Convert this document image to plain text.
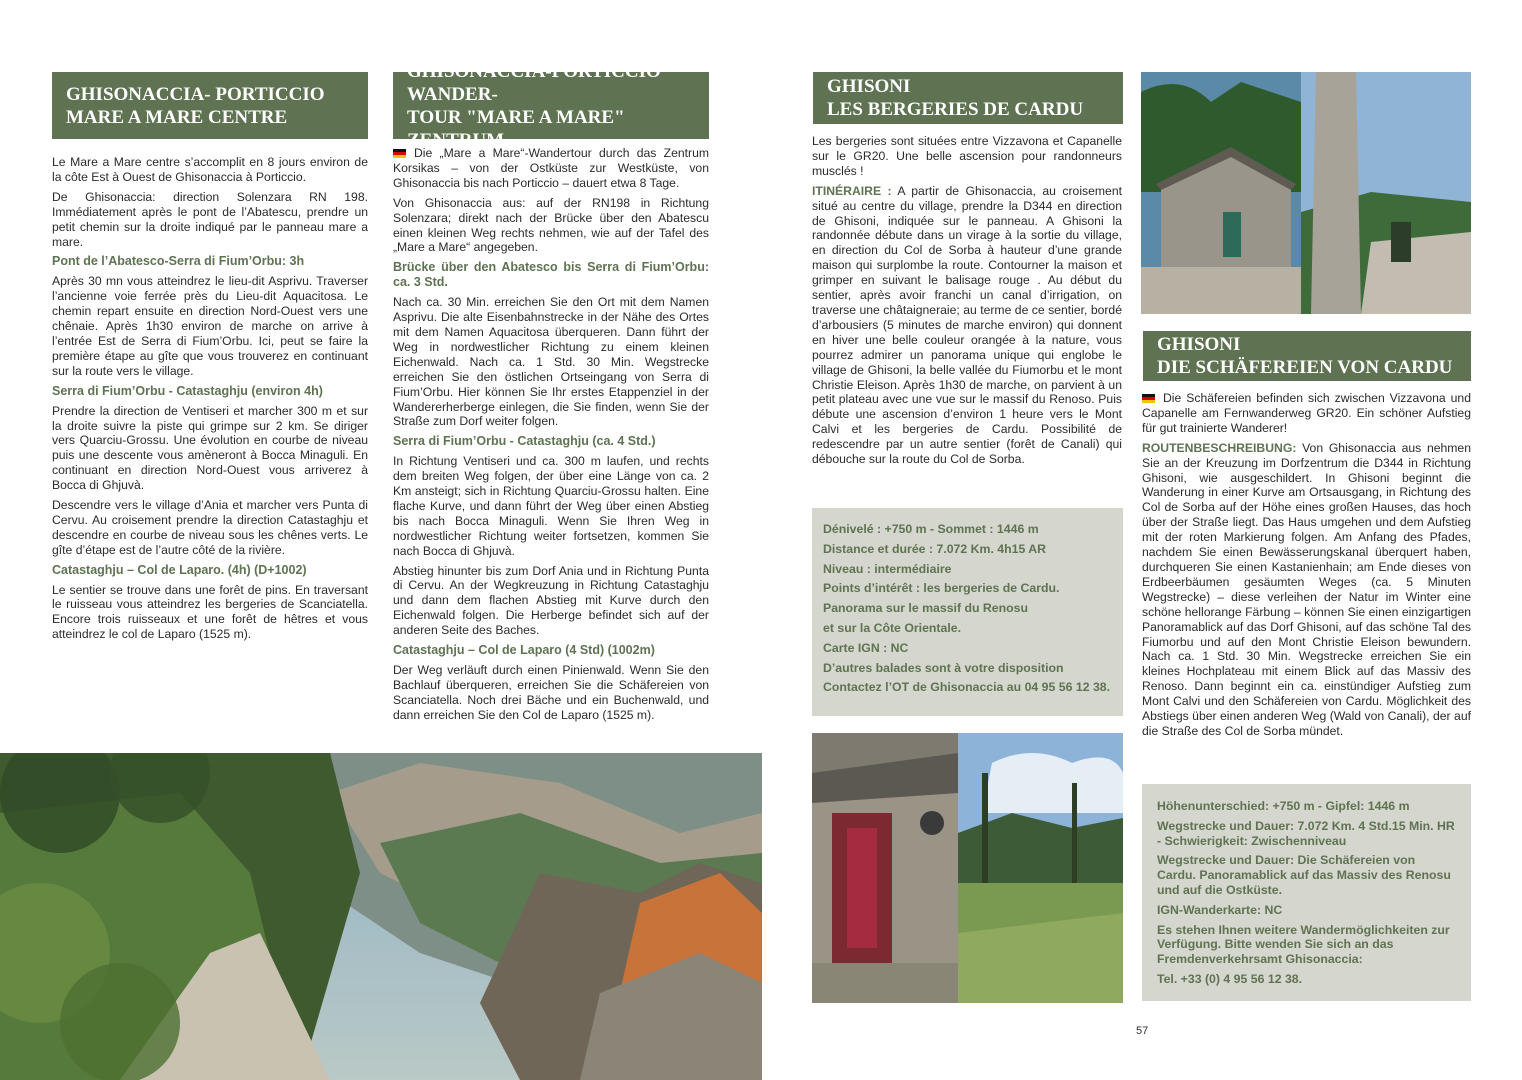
GHISONACCIA- PORTICCIO
MARE A MARE CENTRE

Le Mare a Mare centre s’accomplit en 8 jours environ de la côte Est à Ouest de Ghisonaccia à Porticcio.

De Ghisonaccia: direction Solenzara RN 198. Immédiatement après le pont de l’Abatescu, prendre un petit chemin sur la droite indiqué par le panneau mare a mare.

Pont de l’Abatesco-Serra di Fium’Orbu: 3h

Après 30 mn vous atteindrez le lieu-dit Asprivu. Traverser l’ancienne voie ferrée près du Lieu-dit Aquacitosa. Le chemin repart ensuite en direction Nord-Ouest vers une chênaie. Après 1h30 environ de marche on arrive à l’entrée Est de Serra di Fium’Orbu. Ici, peut se faire la première étape au gîte que vous trouverez en continuant sur la route vers le village.

Serra di Fium’Orbu - Catastaghju (environ 4h)

Prendre la direction de Ventiseri et marcher 300 m et sur la droite suivre la piste qui grimpe sur 2 km. Se diriger vers Quarciu-Grossu. Une évolution en courbe de niveau puis une descente vous amèneront à Bocca Minaguli. En continuant en direction Nord-Ouest vous arriverez à Bocca di Ghjuvà.

Descendre vers le village d’Ania et marcher vers Punta di Cervu. Au croisement prendre la direction Catastaghju et descendre en courbe de niveau sous les chênes verts. Le gîte d’étape est de l’autre côté de la rivière.

Catastaghju – Col de Laparo. (4h) (D+1002)

Le sentier se trouve dans une forêt de pins. En traversant le ruisseau vous atteindrez les bergeries de Scanciatella. Encore trois ruisseaux et une forêt de hêtres et vous atteindrez le col de Laparo (1525 m).

GHISONACCIA-PORTICCIO WANDER-
TOUR "MARE A MARE" ZENTRUM

Die „Mare a Mare“-Wandertour durch das Zentrum Korsikas – von der Ostküste zur Westküste, von Ghisonaccia bis nach Porticcio – dauert etwa 8 Tage.

Von Ghisonaccia aus: auf der RN198 in Richtung Solenzara; direkt nach der Brücke über den Abatescu einen kleinen Weg rechts nehmen, wie auf der Tafel des „Mare a Mare“ angegeben.

Brücke über den Abatesco bis Serra di Fium’Orbu: ca. 3 Std.

Nach ca. 30 Min. erreichen Sie den Ort mit dem Namen Asprivu. Die alte Eisenbahnstrecke in der Nähe des Ortes mit dem Namen Aquacitosa überqueren. Dann führt der Weg in nordwestlicher Richtung zu einem kleinen Eichenwald. Nach ca. 1 Std. 30 Min. Wegstrecke erreichen Sie den östlichen Ortseingang von Serra di Fium’Orbu. Hier können Sie Ihr erstes Etappenziel in der Wandererherberge einlegen, die Sie finden, wenn Sie der Straße zum Dorf weiter folgen.

Serra di Fium’Orbu - Catastaghju (ca. 4 Std.)

In Richtung Ventiseri und ca. 300 m laufen, und rechts dem breiten Weg folgen, der über eine Länge von ca. 2 Km ansteigt; sich in Richtung Quarciu-Grossu halten. Eine flache Kurve, und dann führt der Weg über einen Abstieg bis nach Bocca Minaguli. Wenn Sie Ihren Weg in nordwestlicher Richtung weiter fortsetzen, kommen Sie nach Bocca di Ghjuvà.

Abstieg hinunter bis zum Dorf Ania und in Richtung Punta di Cervu. An der Wegkreuzung in Richtung Catastaghju und dann dem flachen Abstieg mit Kurve durch den Eichenwald folgen. Die Herberge befindet sich auf der anderen Seite des Baches.

Catastaghju – Col de Laparo (4 Std) (1002m)

Der Weg verläuft durch einen Pinienwald. Wenn Sie den Bachlauf überqueren, erreichen Sie die Schäfereien von Scanciatella. Noch drei Bäche und ein Buchenwald, und dann erreichen Sie den Col de Laparo (1525 m).

GHISONI
LES BERGERIES DE CARDU

Les bergeries sont situées entre Vizzavona et Capanelle sur le GR20. Une belle ascension pour randonneurs musclés !

ITINÉRAIRE : A partir de Ghisonaccia, au croisement situé au centre du village, prendre la D344 en direction de Ghisoni, indiquée sur le panneau. A Ghisoni la randonnée débute dans un virage à la sortie du village, en direction du Col de Sorba à hauteur d’une grande maison qui surplombe la route. Contourner la maison et grimper en suivant le balisage rouge . Au début du sentier, après avoir franchi un canal d’irrigation, on traverse une châtaigneraie; au terme de ce sentier, bordé d’arbousiers (5 minutes de marche environ) qui donnent en hiver une belle couleur orangée à la nature, vous pourrez admirer un panorama unique qui englobe le village de Ghisoni, la belle vallée du Fiumorbu et le mont Christie Eleison. Après 1h30 de marche, on parvient à un petit plateau avec une vue sur le massif du Renoso. Puis débute une ascension d’environ 1 heure vers le Mont Calvi et les bergeries de Cardu. Possibilité de redescendre par un autre sentier (forêt de Canali) qui débouche sur la route du Col de Sorba.

Dénivelé : +750 m - Sommet : 1446 m
Distance et durée : 7.072 Km. 4h15 AR
Niveau : intermédiaire
Points d’intérêt : les bergeries de Cardu.
Panorama sur le massif du Renosu
et sur la Côte Orientale.
Carte IGN : NC
D’autres balades sont à votre disposition
Contactez l’OT de Ghisonaccia au 04 95 56 12 38.
GHISONI
DIE SCHÄFEREIEN VON CARDU

Die Schäfereien befinden sich zwischen Vizzavona und Capanelle am Fernwanderweg GR20. Ein schöner Aufstieg für gut trainierte Wanderer!

ROUTENBESCHREIBUNG: Von Ghisonaccia aus nehmen Sie an der Kreuzung im Dorfzentrum die D344 in Richtung Ghisoni, wie ausgeschildert. In Ghisoni beginnt die Wanderung in einer Kurve am Ortsausgang, in Richtung des Col de Sorba auf der Höhe eines großen Hauses, das hoch über der Straße liegt. Das Haus umgehen und dem Aufstieg mit der roten Markierung folgen. Am Anfang des Pfades, nachdem Sie einen Bewässerungskanal überquert haben, durchqueren Sie einen Kastanienhain; am Ende dieses von Erdbeerbäumen gesäumten Weges (ca. 5 Minuten Wegstrecke) – diese verleihen der Natur im Winter eine schöne hellorange Färbung – können Sie einen einzigartigen Panoramablick auf das Dorf Ghisoni, auf das schöne Tal des Fiumorbu und auf den Mont Christie Eleison bewundern. Nach ca. 1 Std. 30 Min. Wegstrecke erreichen Sie ein kleines Hochplateau mit einem Blick auf das Massiv des Renoso. Dann beginnt ein ca. einstündiger Aufstieg zum Mont Calvi und den Schäfereien von Cardu. Möglichkeit des Abstiegs über einen anderen Weg (Wald von Canali), der auf die Straße des Col de Sorba mündet.

Höhenunterschied: +750 m - Gipfel: 1446 m
Wegstrecke und Dauer: 7.072 Km. 4 Std.15 Min. HR - Schwierigkeit: Zwischenniveau
Wegstrecke und Dauer: Die Schäfereien von Cardu. Panoramablick auf das Massiv des Renosu und auf die Ostküste.
IGN-Wanderkarte: NC
Es stehen Ihnen weitere Wandermöglichkeiten zur Verfügung. Bitte wenden Sie sich an das Fremdenverkehrsamt Ghisonaccia:
Tel. +33 (0) 4 95 56 12 38.
57
